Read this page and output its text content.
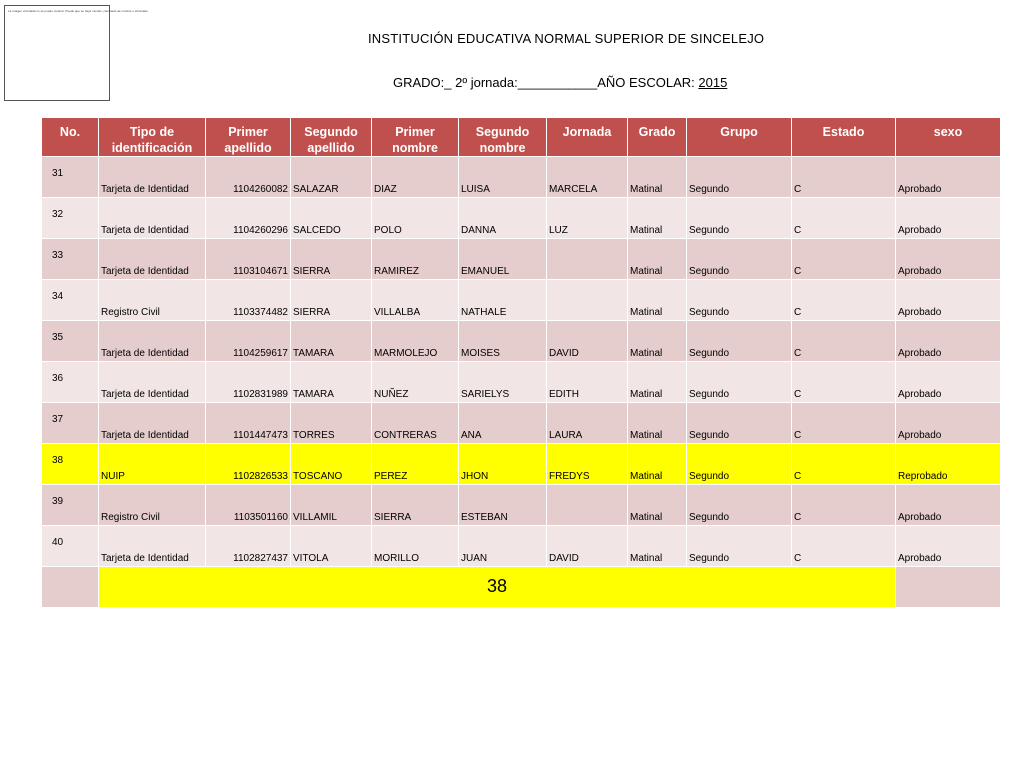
La imagen vinculada no se puede mostrar. Puede que se haya movido, cambiado de nombre o eliminado.
INSTITUCIÓN EDUCATIVA NORMAL SUPERIOR DE SINCELEJO
GRADO:_ 2º jornada:___________AÑO ESCOLAR: 2015
No.	Tipo de identificación	Primer apellido	Segundo apellido	Primer nombre	Segundo nombre	Jornada	Grado	Grupo	Estado	sexo
31	Tarjeta de Identidad	1104260082	SALAZAR	DIAZ	LUISA	MARCELA	Matinal	Segundo	C	Aprobado
32	Tarjeta de Identidad	1104260296	SALCEDO	POLO	DANNA	LUZ	Matinal	Segundo	C	Aprobado
33	Tarjeta de Identidad	1103104671	SIERRA	RAMIREZ	EMANUEL		Matinal	Segundo	C	Aprobado
34	Registro Civil	1103374482	SIERRA	VILLALBA	NATHALE		Matinal	Segundo	C	Aprobado
35	Tarjeta de Identidad	1104259617	TAMARA	MARMOLEJO	MOISES	DAVID	Matinal	Segundo	C	Aprobado
36	Tarjeta de Identidad	1102831989	TAMARA	NUÑEZ	SARIELYS	EDITH	Matinal	Segundo	C	Aprobado
37	Tarjeta de Identidad	1101447473	TORRES	CONTRERAS	ANA	LAURA	Matinal	Segundo	C	Aprobado
38	NUIP	1102826533	TOSCANO	PEREZ	JHON	FREDYS	Matinal	Segundo	C	Reprobado
39	Registro Civil	1103501160	VILLAMIL	SIERRA	ESTEBAN		Matinal	Segundo	C	Aprobado
40	Tarjeta de Identidad	1102827437	VITOLA	MORILLO	JUAN	DAVID	Matinal	Segundo	C	Aprobado
	38									
